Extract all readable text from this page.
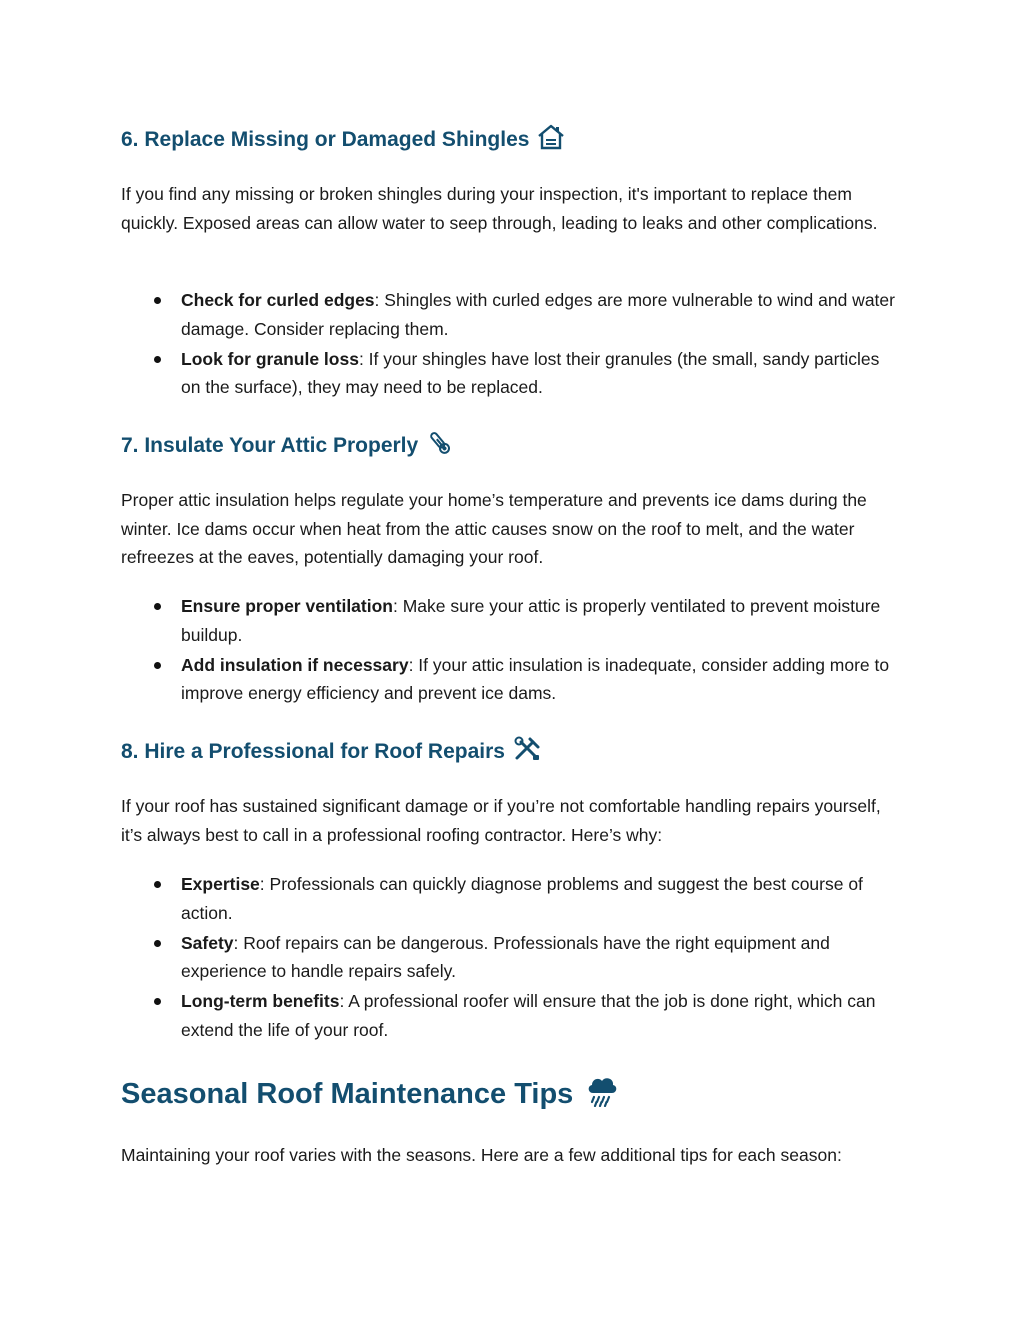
6. Replace Missing or Damaged Shingles

If you find any missing or broken shingles during your inspection, it's important to replace them quickly. Exposed areas can allow water to seep through, leading to leaks and other complications.

Check for curled edges: Shingles with curled edges are more vulnerable to wind and water damage. Consider replacing them.
Look for granule loss: If your shingles have lost their granules (the small, sandy particles on the surface), they may need to be replaced.
7. Insulate Your Attic Properly

Proper attic insulation helps regulate your home’s temperature and prevents ice dams during the winter. Ice dams occur when heat from the attic causes snow on the roof to melt, and the water refreezes at the eaves, potentially damaging your roof.

Ensure proper ventilation: Make sure your attic is properly ventilated to prevent moisture buildup.
Add insulation if necessary: If your attic insulation is inadequate, consider adding more to improve energy efficiency and prevent ice dams.
8. Hire a Professional for Roof Repairs

If your roof has sustained significant damage or if you’re not comfortable handling repairs yourself, it’s always best to call in a professional roofing contractor. Here’s why:

Expertise: Professionals can quickly diagnose problems and suggest the best course of action.
Safety: Roof repairs can be dangerous. Professionals have the right equipment and experience to handle repairs safely.
Long-term benefits: A professional roofer will ensure that the job is done right, which can extend the life of your roof.
Seasonal Roof Maintenance Tips

Maintaining your roof varies with the seasons. Here are a few additional tips for each season:
